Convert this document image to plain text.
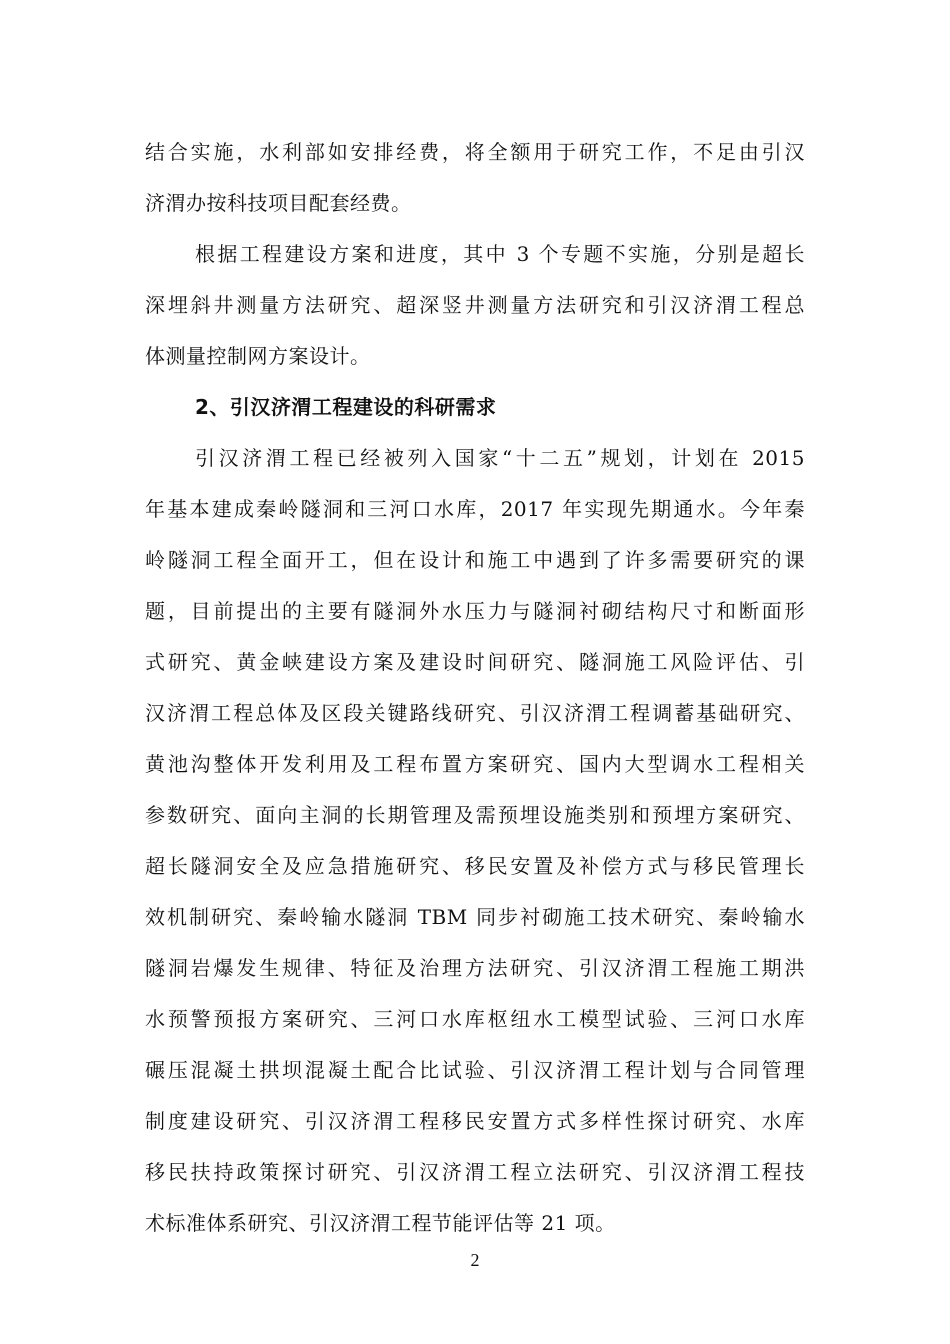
结合实施，水利部如安排经费，将全额用于研究工作，不足由引汉
济渭办按科技项目配套经费。
根据工程建设方案和进度，其中 3 个专题不实施，分别是超长
深埋斜井测量方法研究、超深竖井测量方法研究和引汉济渭工程总
体测量控制网方案设计。
2、引汉济渭工程建设的科研需求
引汉济渭工程已经被列入国家“十二五”规划，计划在 2015
年基本建成秦岭隧洞和三河口水库，2017 年实现先期通水。今年秦
岭隧洞工程全面开工，但在设计和施工中遇到了许多需要研究的课
题，目前提出的主要有隧洞外水压力与隧洞衬砌结构尺寸和断面形
式研究、黄金峡建设方案及建设时间研究、隧洞施工风险评估、引
汉济渭工程总体及区段关键路线研究、引汉济渭工程调蓄基础研究、
黄池沟整体开发利用及工程布置方案研究、国内大型调水工程相关
参数研究、面向主洞的长期管理及需预埋设施类别和预埋方案研究、
超长隧洞安全及应急措施研究、移民安置及补偿方式与移民管理长
效机制研究、秦岭输水隧洞 TBM 同步衬砌施工技术研究、秦岭输水
隧洞岩爆发生规律、特征及治理方法研究、引汉济渭工程施工期洪
水预警预报方案研究、三河口水库枢纽水工模型试验、三河口水库
碾压混凝土拱坝混凝土配合比试验、引汉济渭工程计划与合同管理
制度建设研究、引汉济渭工程移民安置方式多样性探讨研究、水库
移民扶持政策探讨研究、引汉济渭工程立法研究、引汉济渭工程技
术标准体系研究、引汉济渭工程节能评估等 21 项。
2
